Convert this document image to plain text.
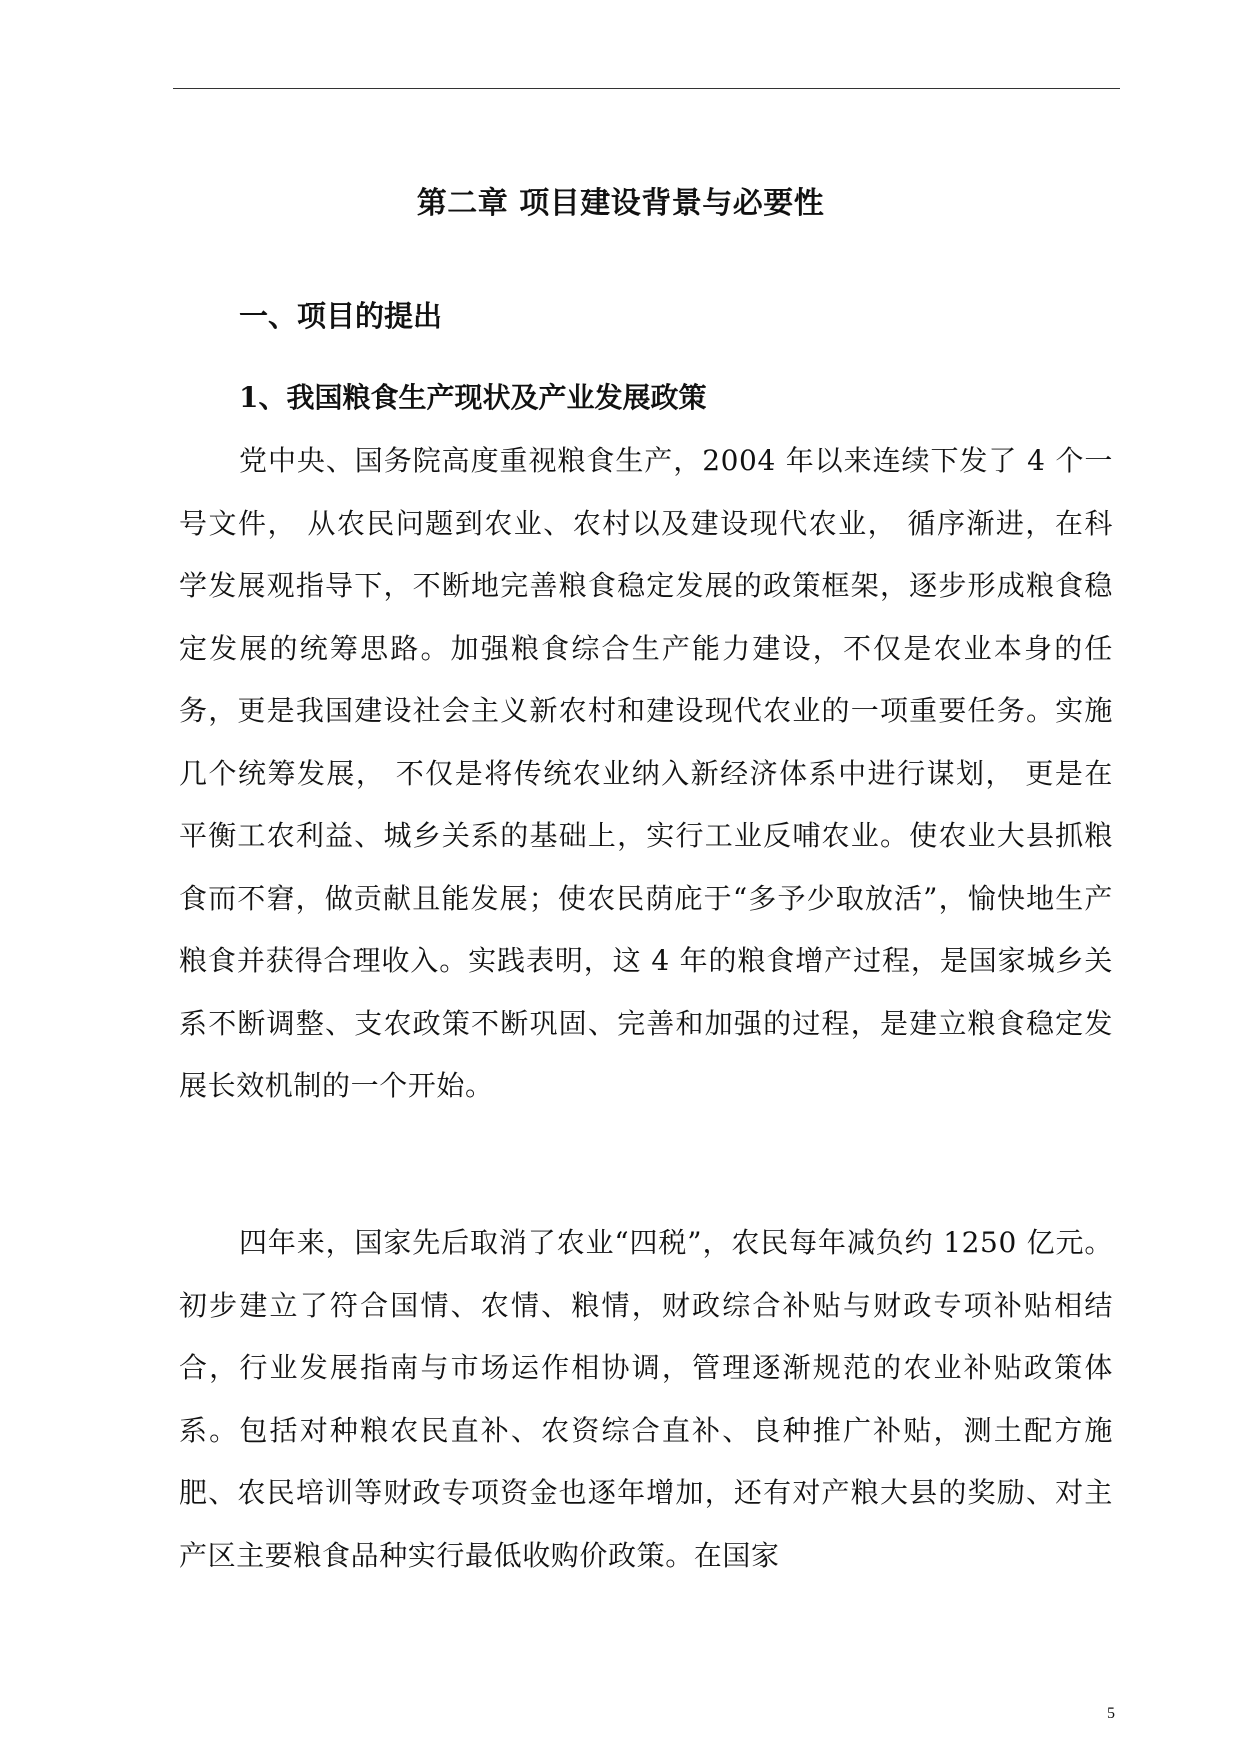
第二章 项目建设背景与必要性
一、项目的提出
1、我国粮食生产现状及产业发展政策

党中央、国务院高度重视粮食生产，2004 年以来连续下发了 4 个一号文件， 从农民问题到农业、农村以及建设现代农业， 循序渐进，在科学发展观指导下，不断地完善粮食稳定发展的政策框架，逐步形成粮食稳定发展的统筹思路。加强粮食综合生产能力建设，不仅是农业本身的任务，更是我国建设社会主义新农村和建设现代农业的一项重要任务。实施几个统筹发展， 不仅是将传统农业纳入新经济体系中进行谋划， 更是在平衡工农利益、城乡关系的基础上，实行工业反哺农业。使农业大县抓粮食而不窘，做贡献且能发展；使农民荫庇于“多予少取放活”，愉快地生产粮食并获得合理收入。实践表明，这 4 年的粮食增产过程，是国家城乡关系不断调整、支农政策不断巩固、完善和加强的过程，是建立粮食稳定发展长效机制的一个开始。

四年来，国家先后取消了农业“四税”，农民每年减负约 1250 亿元。初步建立了符合国情、农情、粮情，财政综合补贴与财政专项补贴相结合，行业发展指南与市场运作相协调，管理逐渐规范的农业补贴政策体系。包括对种粮农民直补、农资综合直补、良种推广补贴，测土配方施肥、农民培训等财政专项资金也逐年增加，还有对产粮大县的奖励、对主产区主要粮食品种实行最低收购价政策。在国家

5
